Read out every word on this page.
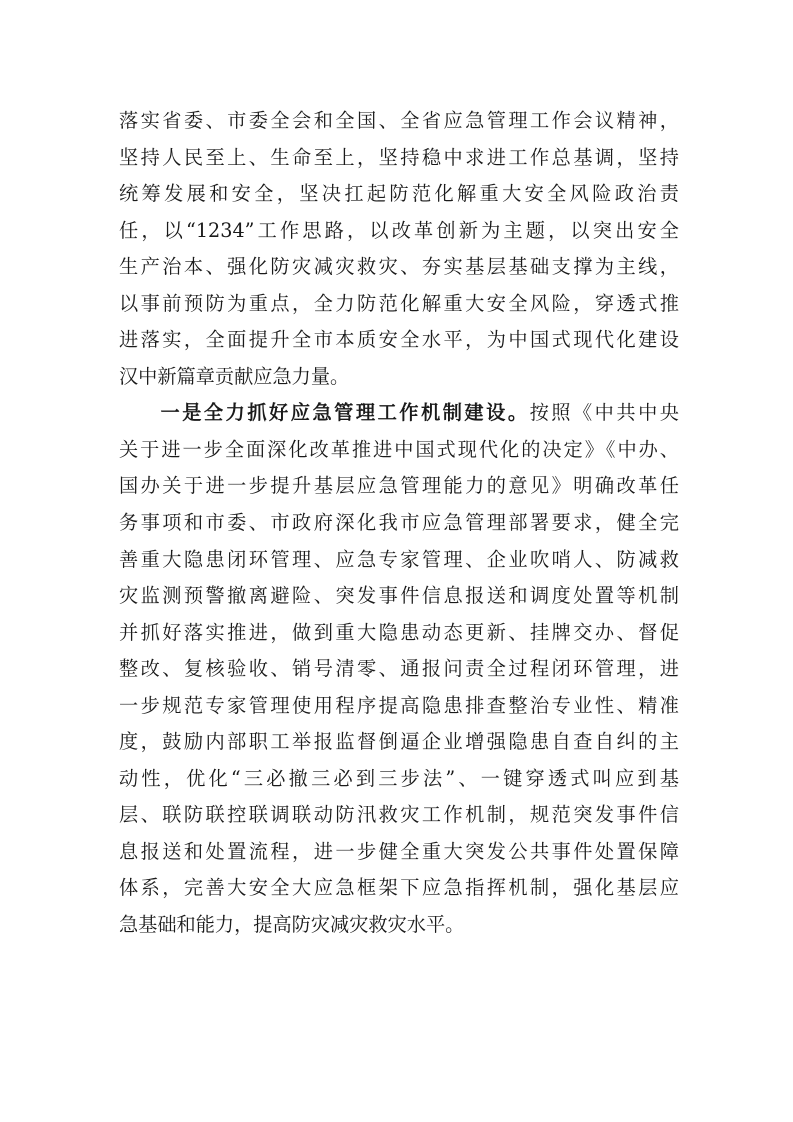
落实省委、市委全会和全国、全省应急管理工作会议精神，
坚持人民至上、生命至上，坚持稳中求进工作总基调，坚持
统筹发展和安全，坚决扛起防范化解重大安全风险政治责
任，以“1234”工作思路，以改革创新为主题，以突出安全
生产治本、强化防灾减灾救灾、夯实基层基础支撑为主线，
以事前预防为重点，全力防范化解重大安全风险，穿透式推
进落实，全面提升全市本质安全水平，为中国式现代化建设
汉中新篇章贡献应急力量。
一是全力抓好应急管理工作机制建设。按照《中共中央
关于进一步全面深化改革推进中国式现代化的决定》《中办、
国办关于进一步提升基层应急管理能力的意见》明确改革任
务事项和市委、市政府深化我市应急管理部署要求，健全完
善重大隐患闭环管理、应急专家管理、企业吹哨人、防减救
灾监测预警撤离避险、突发事件信息报送和调度处置等机制
并抓好落实推进，做到重大隐患动态更新、挂牌交办、督促
整改、复核验收、销号清零、通报问责全过程闭环管理，进
一步规范专家管理使用程序提高隐患排查整治专业性、精准
度，鼓励内部职工举报监督倒逼企业增强隐患自查自纠的主
动性，优化“三必撤三必到三步法”、一键穿透式叫应到基
层、联防联控联调联动防汛救灾工作机制，规范突发事件信
息报送和处置流程，进一步健全重大突发公共事件处置保障
体系，完善大安全大应急框架下应急指挥机制，强化基层应
急基础和能力，提高防灾减灾救灾水平。
